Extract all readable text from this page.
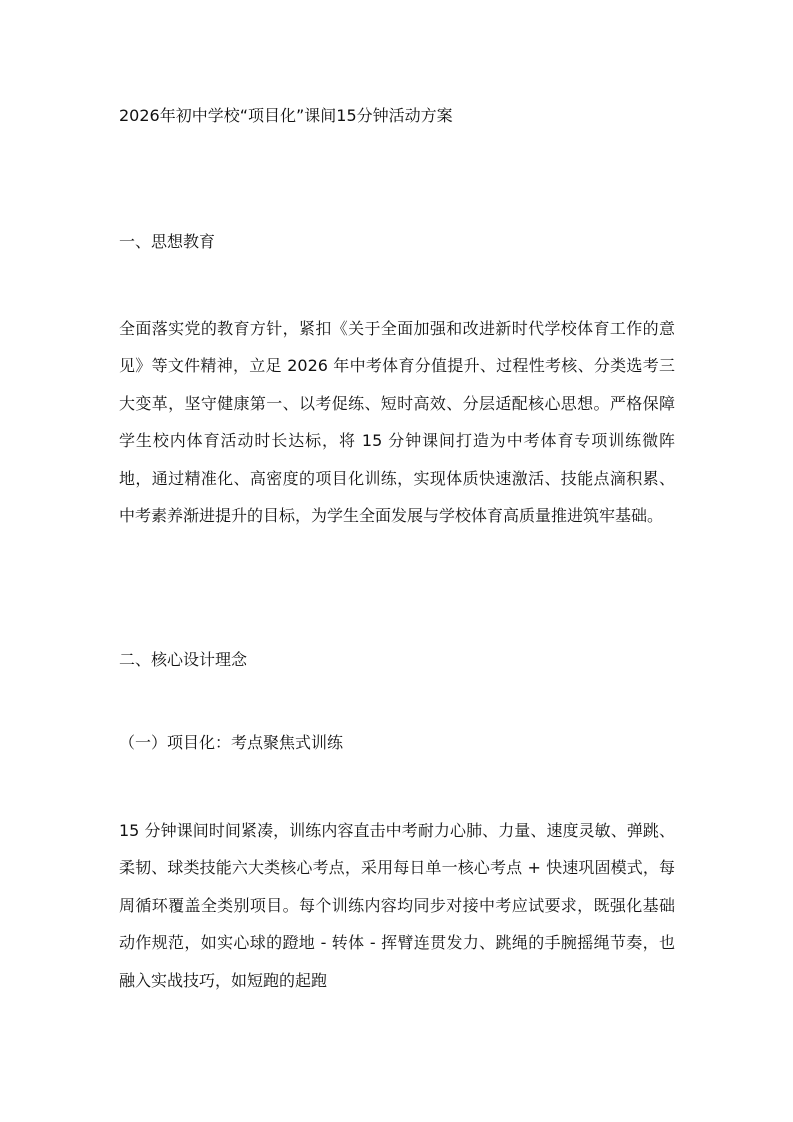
2026年初中学校“项目化”课间15分钟活动方案
一、思想教育

全面落实党的教育方针，紧扣《关于全面加强和改进新时代学校体育工作的意见》等文件精神，立足 2026 年中考体育分值提升、过程性考核、分类选考三大变革，坚守健康第一、以考促练、短时高效、分层适配核心思想。严格保障学生校内体育活动时长达标，将 15 分钟课间打造为中考体育专项训练微阵地，通过精准化、高密度的项目化训练，实现体质快速激活、技能点滴积累、中考素养渐进提升的目标，为学生全面发展与学校体育高质量推进筑牢基础。

二、核心设计理念
（一）项目化：考点聚焦式训练

15 分钟课间时间紧凑，训练内容直击中考耐力心肺、力量、速度灵敏、弹跳、柔韧、球类技能六大类核心考点，采用每日单一核心考点 + 快速巩固模式，每周循环覆盖全类别项目。每个训练内容均同步对接中考应试要求，既强化基础动作规范，如实心球的蹬地 - 转体 - 挥臂连贯发力、跳绳的手腕摇绳节奏，也融入实战技巧，如短跑的起跑
